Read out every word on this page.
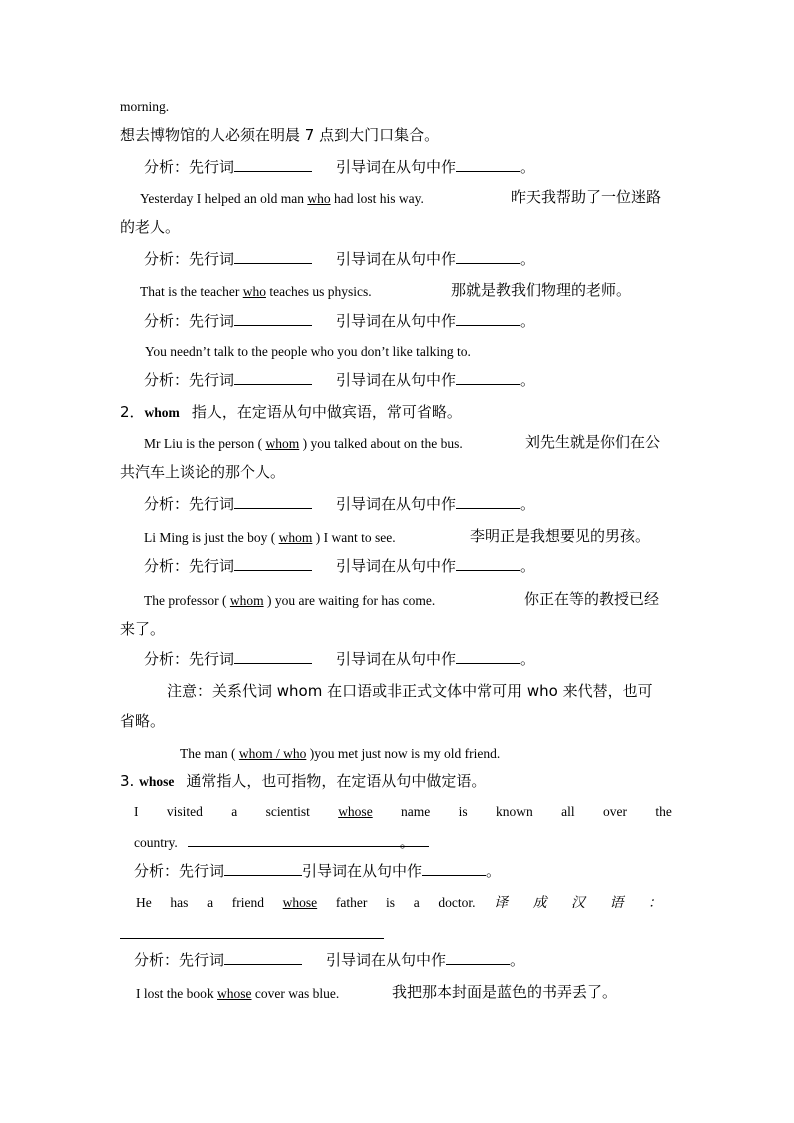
morning.
想去博物馆的人必须在明晨 7 点到大门口集合。
分析：先行词	引导词在从句中作	。
Yesterday I helped an old man who had lost his way.	昨天我帮助了一位迷路
的老人。
分析：先行词	引导词在从句中作	。
That is the teacher who teaches us physics.	那就是教我们物理的老师。
分析：先行词	引导词在从句中作	。
You needn’t talk to the people who you don’t like talking to.
分析：先行词	引导词在从句中作	。
2．whom 指人，在定语从句中做宾语，常可省略。
Mr Liu is the person ( whom ) you talked about on the bus.	刘先生就是你们在公
共汽车上谈论的那个人。
分析：先行词	引导词在从句中作	。
Li Ming is just the boy ( whom ) I want to see.	李明正是我想要见的男孩。
分析：先行词	引导词在从句中作	。
The professor ( whom ) you are waiting for has come.	你正在等的教授已经
来了。
分析：先行词	引导词在从句中作	。
注意：关系代词 whom 在口语或非正式文体中常可用 who 来代替，也可
省略。
The man ( whom / who )you met just now is my old friend.
3. whose 通常指人，也可指物，在定语从句中做定语。
I visited a scientist whose name is known all over the
country.	。
分析：先行词	引导词在从句中作	。
He has a friend whose father is a doctor. 译 成 汉 语 ：
分析：先行词	引导词在从句中作	。
I lost the book whose cover was blue.	我把那本封面是蓝色的书弄丢了。
